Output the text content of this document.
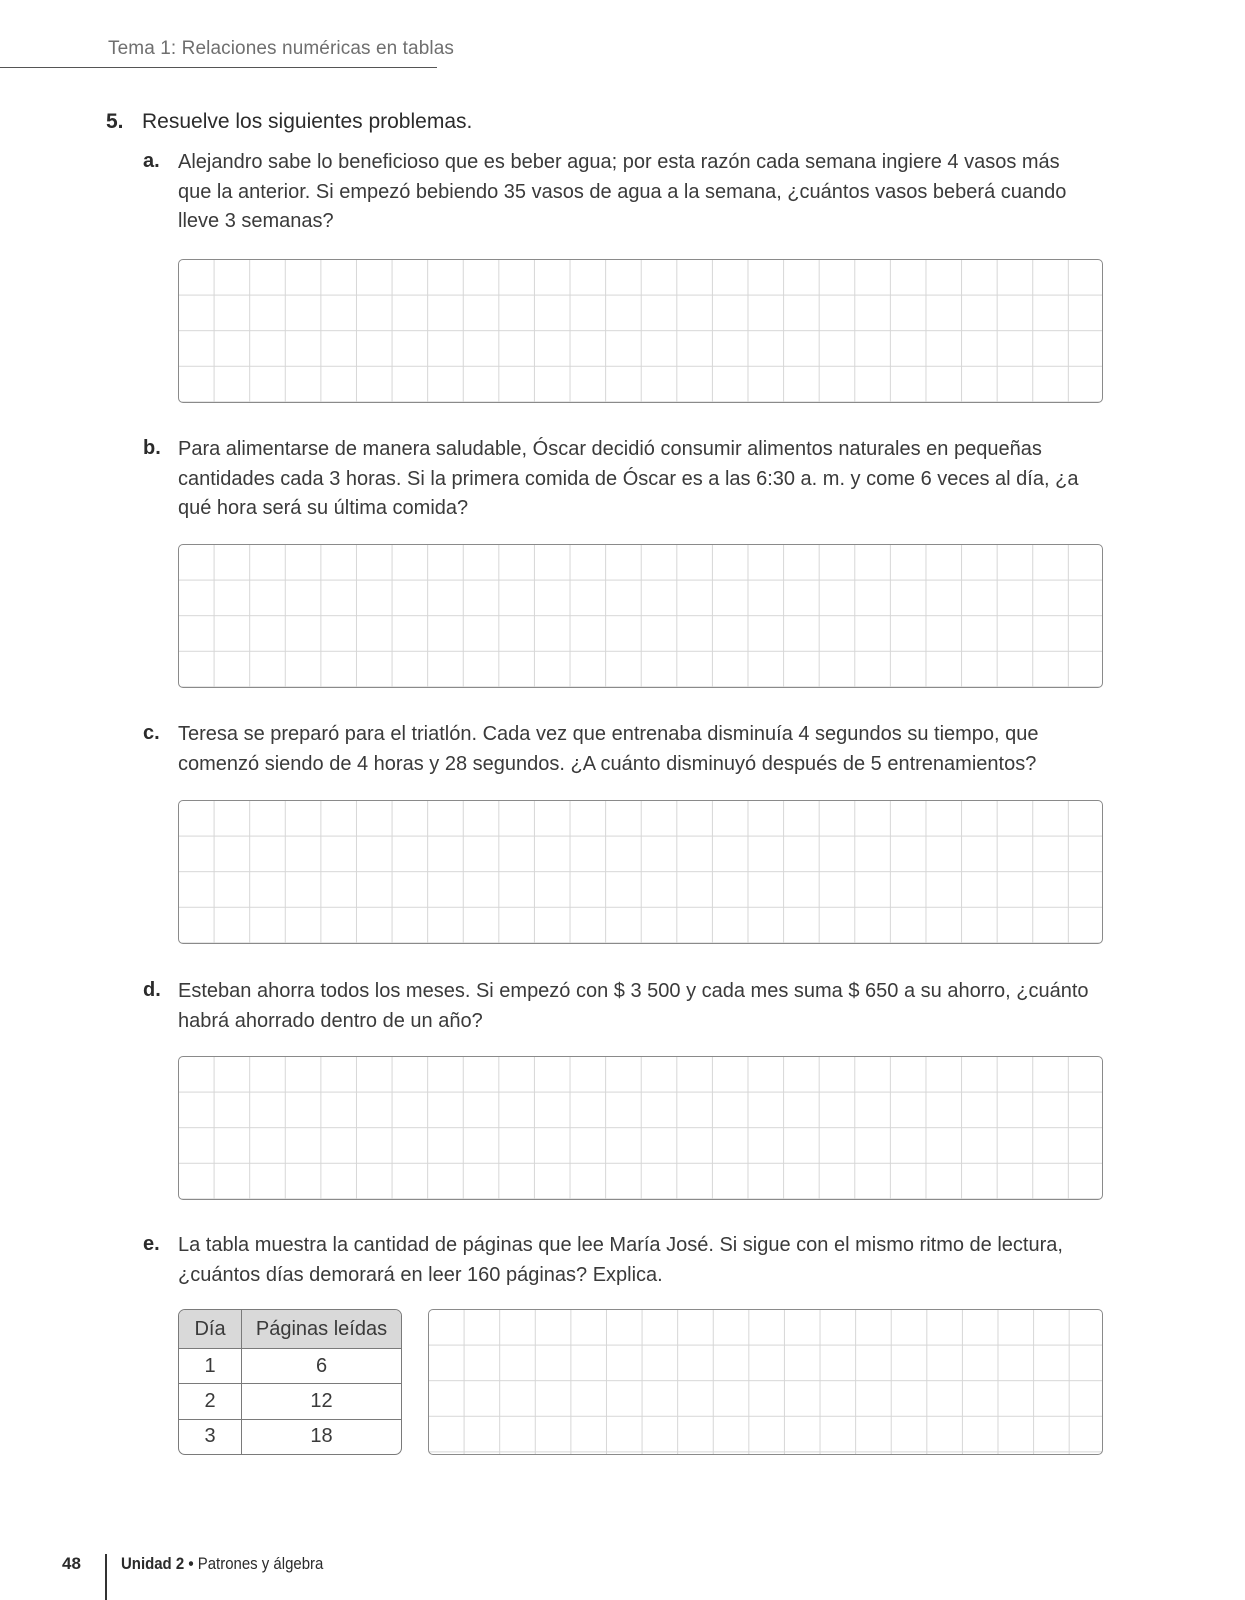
Tema 1: Relaciones numéricas en tablas
5. Resuelve los siguientes problemas.
a. Alejandro sabe lo beneficioso que es beber agua; por esta razón cada semana ingiere 4 vasos más que la anterior. Si empezó bebiendo 35 vasos de agua a la semana, ¿cuántos vasos beberá cuando lleve 3 semanas?
b. Para alimentarse de manera saludable, Óscar decidió consumir alimentos naturales en pequeñas cantidades cada 3 horas. Si la primera comida de Óscar es a las 6:30 a. m. y come 6 veces al día, ¿a qué hora será su última comida?
c. Teresa se preparó para el triatlón. Cada vez que entrenaba disminuía 4 segundos su tiempo, que comenzó siendo de 4 horas y 28 segundos. ¿A cuánto disminuyó después de 5 entrenamientos?
d. Esteban ahorra todos los meses. Si empezó con $ 3 500 y cada mes suma $ 650 a su ahorro, ¿cuánto habrá ahorrado dentro de un año?
e. La tabla muestra la cantidad de páginas que lee María José. Si sigue con el mismo ritmo de lectura, ¿cuántos días demorará en leer 160 páginas? Explica.
Día	Páginas leídas
1	6
2	12
3	18
48 Unidad 2 • Patrones y álgebra
